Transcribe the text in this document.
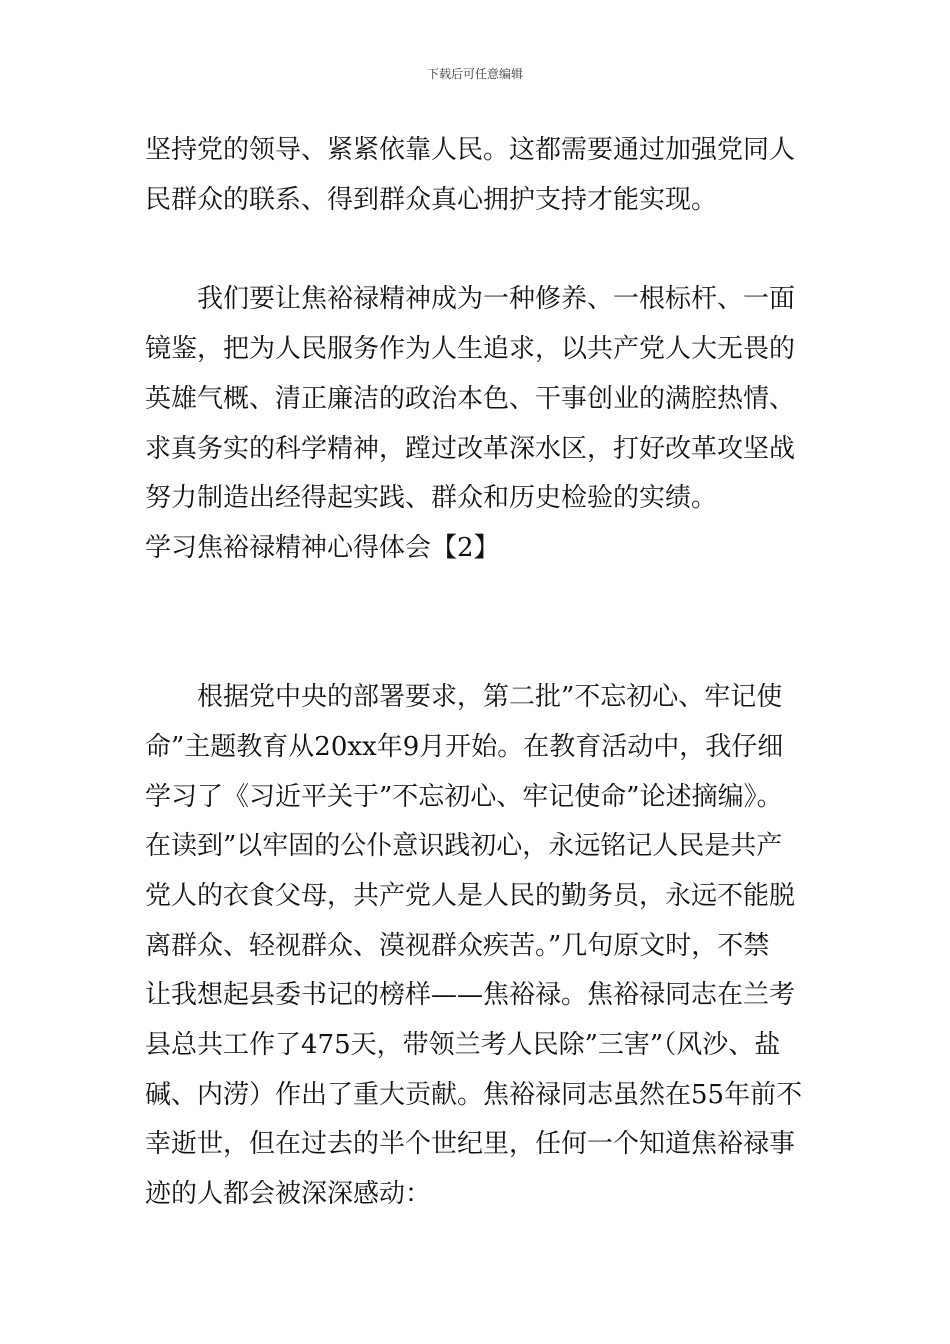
下载后可任意编辑
坚持党的领导、紧紧依靠人民。这都需要通过加强党同人
民群众的联系、得到群众真心拥护支持才能实现。
我们要让焦裕禄精神成为一种修养、一根标杆、一面
镜鉴，把为人民服务作为人生追求，以共产党人大无畏的
英雄气概、清正廉洁的政治本色、干事创业的满腔热情、
求真务实的科学精神，蹚过改革深水区，打好改革攻坚战
努力制造出经得起实践、群众和历史检验的实绩。
学习焦裕禄精神心得体会【2】
根据党中央的部署要求，第二批”不忘初心、牢记使
命”主题教育从20xx年9月开始。在教育活动中，我仔细
学习了《习近平关于”不忘初心、牢记使命”论述摘编》。
在读到”以牢固的公仆意识践初心，永远铭记人民是共产
党人的衣食父母，共产党人是人民的勤务员，永远不能脱
离群众、轻视群众、漠视群众疾苦。”几句原文时，不禁
让我想起县委书记的榜样——焦裕禄。焦裕禄同志在兰考
县总共工作了475天，带领兰考人民除”三害”（风沙、盐
碱、内涝）作出了重大贡献。焦裕禄同志虽然在55年前不
幸逝世，但在过去的半个世纪里，任何一个知道焦裕禄事
迹的人都会被深深感动：
